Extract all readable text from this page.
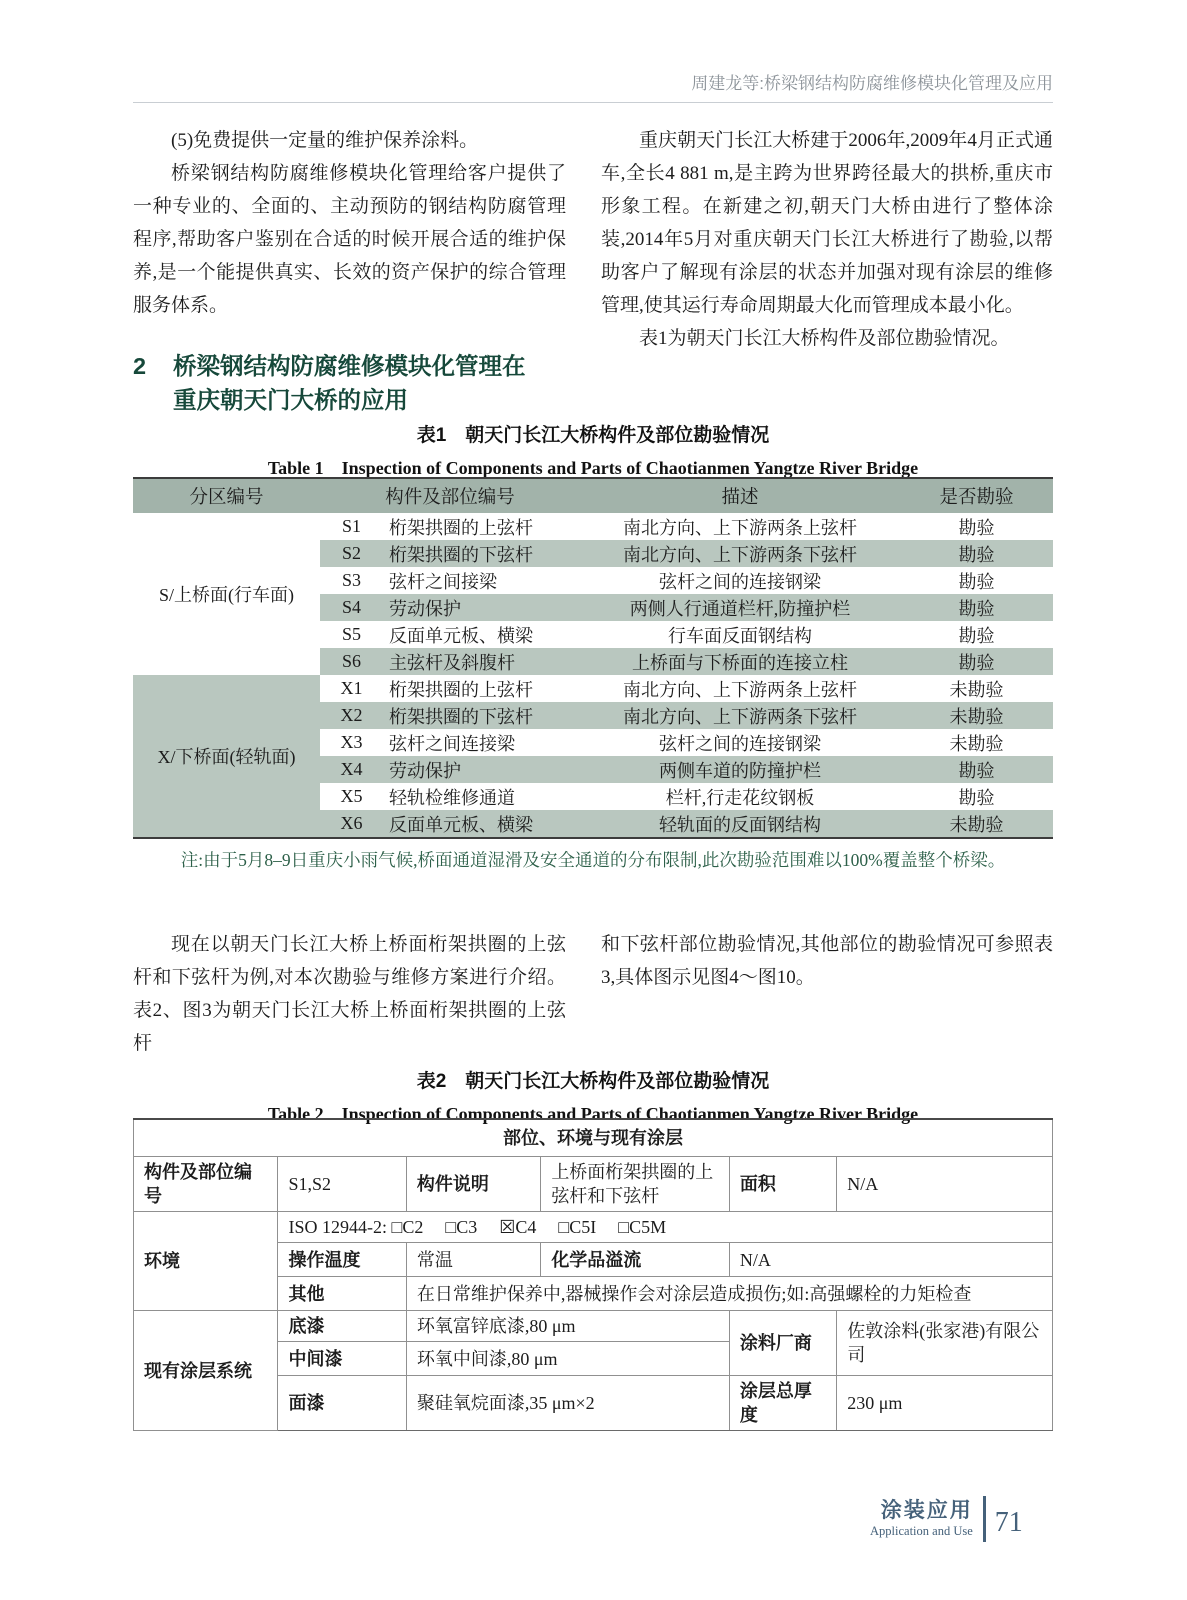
周建龙等:桥梁钢结构防腐维修模块化管理及应用

(5)免费提供一定量的维护保养涂料。

桥梁钢结构防腐维修模块化管理给客户提供了一种专业的、全面的、主动预防的钢结构防腐管理程序,帮助客户鉴别在合适的时候开展合适的维护保养,是一个能提供真实、长效的资产保护的综合管理服务体系。

2	桥梁钢结构防腐维修模块化管理在
重庆朝天门大桥的应用

重庆朝天门长江大桥建于2006年,2009年4月正式通车,全长4 881 m,是主跨为世界跨径最大的拱桥,重庆市形象工程。在新建之初,朝天门大桥由进行了整体涂装,2014年5月对重庆朝天门长江大桥进行了勘验,以帮助客户了解现有涂层的状态并加强对现有涂层的维修管理,使其运行寿命周期最大化而管理成本最小化。

表1为朝天门长江大桥构件及部位勘验情况。

表1　朝天门长江大桥构件及部位勘验情况
Table 1　Inspection of Components and Parts of Chaotianmen Yangtze River Bridge
分区编号	构件及部位编号		描述	是否勘验
S/上桥面(行车面)	S1	桁架拱圈的上弦杆	南北方向、上下游两条上弦杆	勘验
	S2	桁架拱圈的下弦杆	南北方向、上下游两条下弦杆	勘验
	S3	弦杆之间接梁	弦杆之间的连接钢梁	勘验
	S4	劳动保护	两侧人行通道栏杆,防撞护栏	勘验
	S5	反面单元板、横梁	行车面反面钢结构	勘验
	S6	主弦杆及斜腹杆	上桥面与下桥面的连接立柱	勘验
X/下桥面(轻轨面)	X1	桁架拱圈的上弦杆	南北方向、上下游两条上弦杆	未勘验
	X2	桁架拱圈的下弦杆	南北方向、上下游两条下弦杆	未勘验
	X3	弦杆之间连接梁	弦杆之间的连接钢梁	未勘验
	X4	劳动保护	两侧车道的防撞护栏	勘验
	X5	轻轨检维修通道	栏杆,行走花纹钢板	勘验
	X6	反面单元板、横梁	轻轨面的反面钢结构	未勘验
注:由于5月8–9日重庆小雨气候,桥面通道湿滑及安全通道的分布限制,此次勘验范围难以100%覆盖整个桥梁。

现在以朝天门长江大桥上桥面桁架拱圈的上弦杆和下弦杆为例,对本次勘验与维修方案进行介绍。表2、图3为朝天门长江大桥上桥面桁架拱圈的上弦杆

和下弦杆部位勘验情况,其他部位的勘验情况可参照表3,具体图示见图4～图10。

表2　朝天门长江大桥构件及部位勘验情况
Table 2　Inspection of Components and Parts of Chaotianmen Yangtze River Bridge
部位、环境与现有涂层					
构件及部位编号	S1,S2	构件说明	上桥面桁架拱圈的上弦杆和下弦杆	面积	N/A
环境	ISO 12944-2: □C2 □C3 ☒C4 □C5I □C5M				
	操作温度	常温	化学品溢流	N/A	
	其他	在日常维护保养中,器械操作会对涂层造成损伤;如:高强螺栓的力矩检查			
现有涂层系统	底漆	环氧富锌底漆,80 μm		涂料厂商	佐敦涂料(张家港)有限公司
	中间漆	环氧中间漆,80 μm			
	面漆	聚硅氧烷面漆,35 μm×2		涂层总厚度	230 μm
涂装应用
Application and Use 71
